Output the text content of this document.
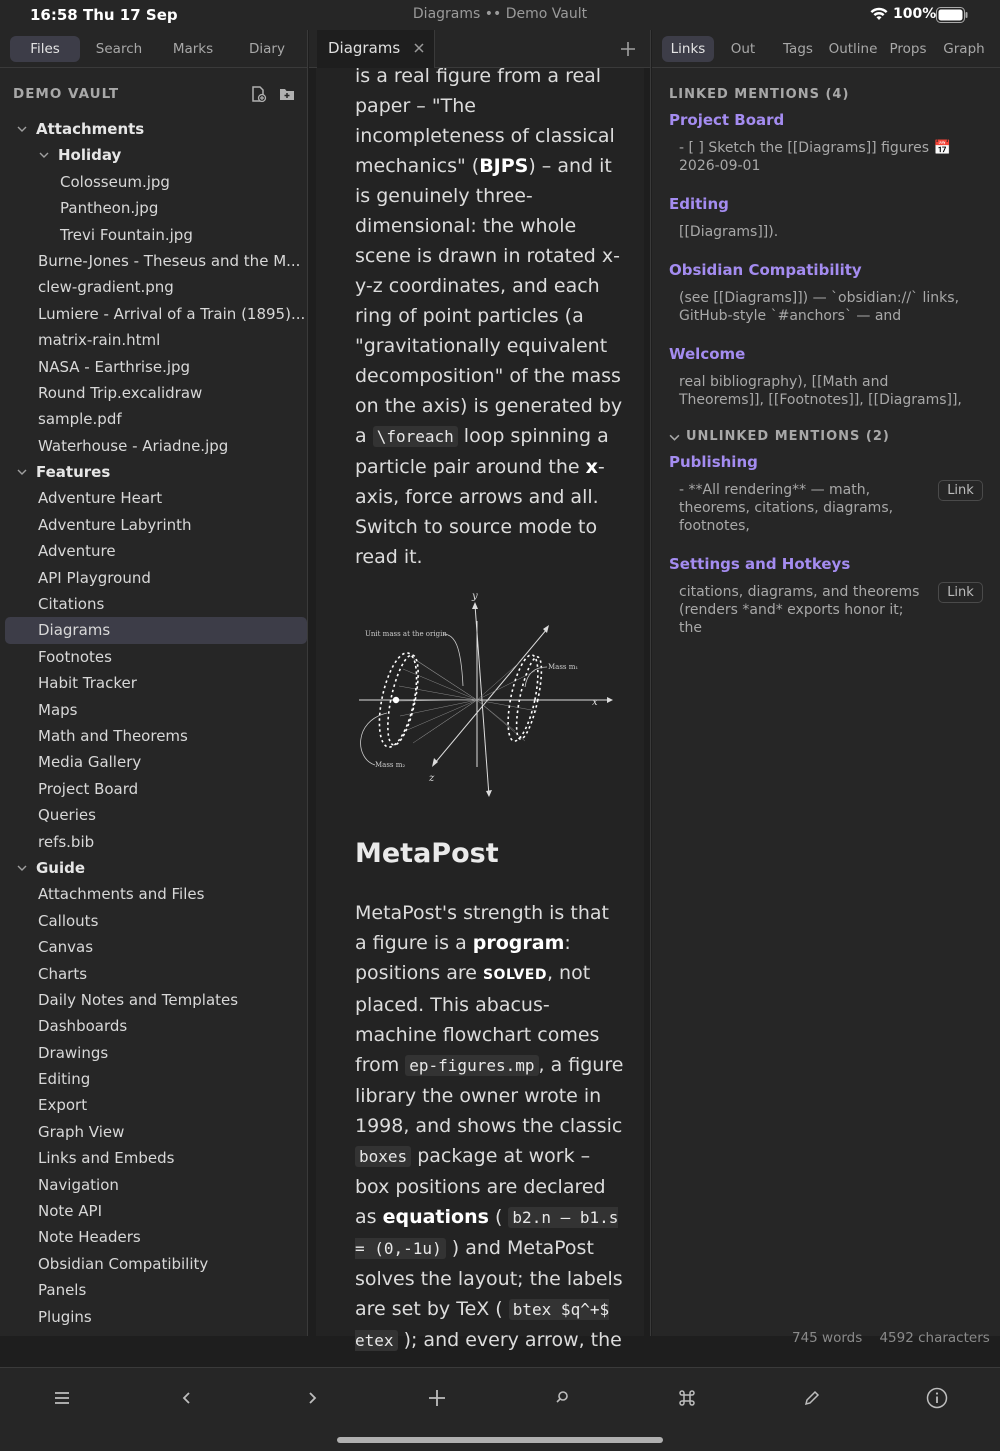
16:58 Thu 17 Sep	Diagrams •• Demo Vault	100%
Files	Search	Marks	Diary
DEMO VAULT
Attachments
Holiday
Colosseum.jpg
Pantheon.jpg
Trevi Fountain.jpg
Burne-Jones - Theseus and the M...
clew-gradient.png
Lumiere - Arrival of a Train (1895)...
matrix-rain.html
NASA - Earthrise.jpg
Round Trip.excalidraw
sample.pdf
Waterhouse - Ariadne.jpg
Features
Adventure Heart
Adventure Labyrinth
Adventure
API Playground
Citations
Diagrams
Footnotes
Habit Tracker
Maps
Math and Theorems
Media Gallery
Project Board
Queries
refs.bib
Guide
Attachments and Files
Callouts
Canvas
Charts
Daily Notes and Templates
Dashboards
Drawings
Editing
Export
Graph View
Links and Embeds
Navigation
Note API
Note Headers
Obsidian Compatibility
Panels
Plugins
Diagrams
is a real figure from a real paper – "The incompleteness of classical mechanics" (BJPS) – and it is genuinely three-dimensional: the whole scene is drawn in rotated x-y-z coordinates, and each ring of point particles (a "gravitationally equivalent decomposition" of the mass on the axis) is generated by a \foreach loop spinning a particle pair around the x-axis, force arrows and all. Switch to source mode to read it.
y
x
z
Unit mass at the origin
Mass m₁
Mass m₂
MetaPost
MetaPost's strength is that a figure is a program: positions are SOLVED, not placed. This abacus-machine flowchart comes from ep-figures.mp , a figure library the owner wrote in 1998, and shows the classic boxes package at work – box positions are declared as equations ( b2.n – b1.s = (0,-1u) ) and MetaPost solves the layout; the labels are set by TeX ( btex $q^+$ etex ); and every arrow, the
Links	Out	Tags	Outline Props	Graph
LINKED MENTIONS (4)
Project Board
- [ ] Sketch the [[Diagrams]] figures 📅 2026-09-01
Editing
[[Diagrams]]).
Obsidian Compatibility
(see [[Diagrams]]) — `obsidian://` links, GitHub-style `#anchors` — and
Welcome
real bibliography), [[Math and Theorems]], [[Footnotes]], [[Diagrams]],
UNLINKED MENTIONS (2)
Publishing
- **All rendering** — math, theorems, citations, diagrams, footnotes,
Link
Settings and Hotkeys
citations, diagrams, and theorems (renders *and* exports honor it; the
Link
745 words 4592 characters
